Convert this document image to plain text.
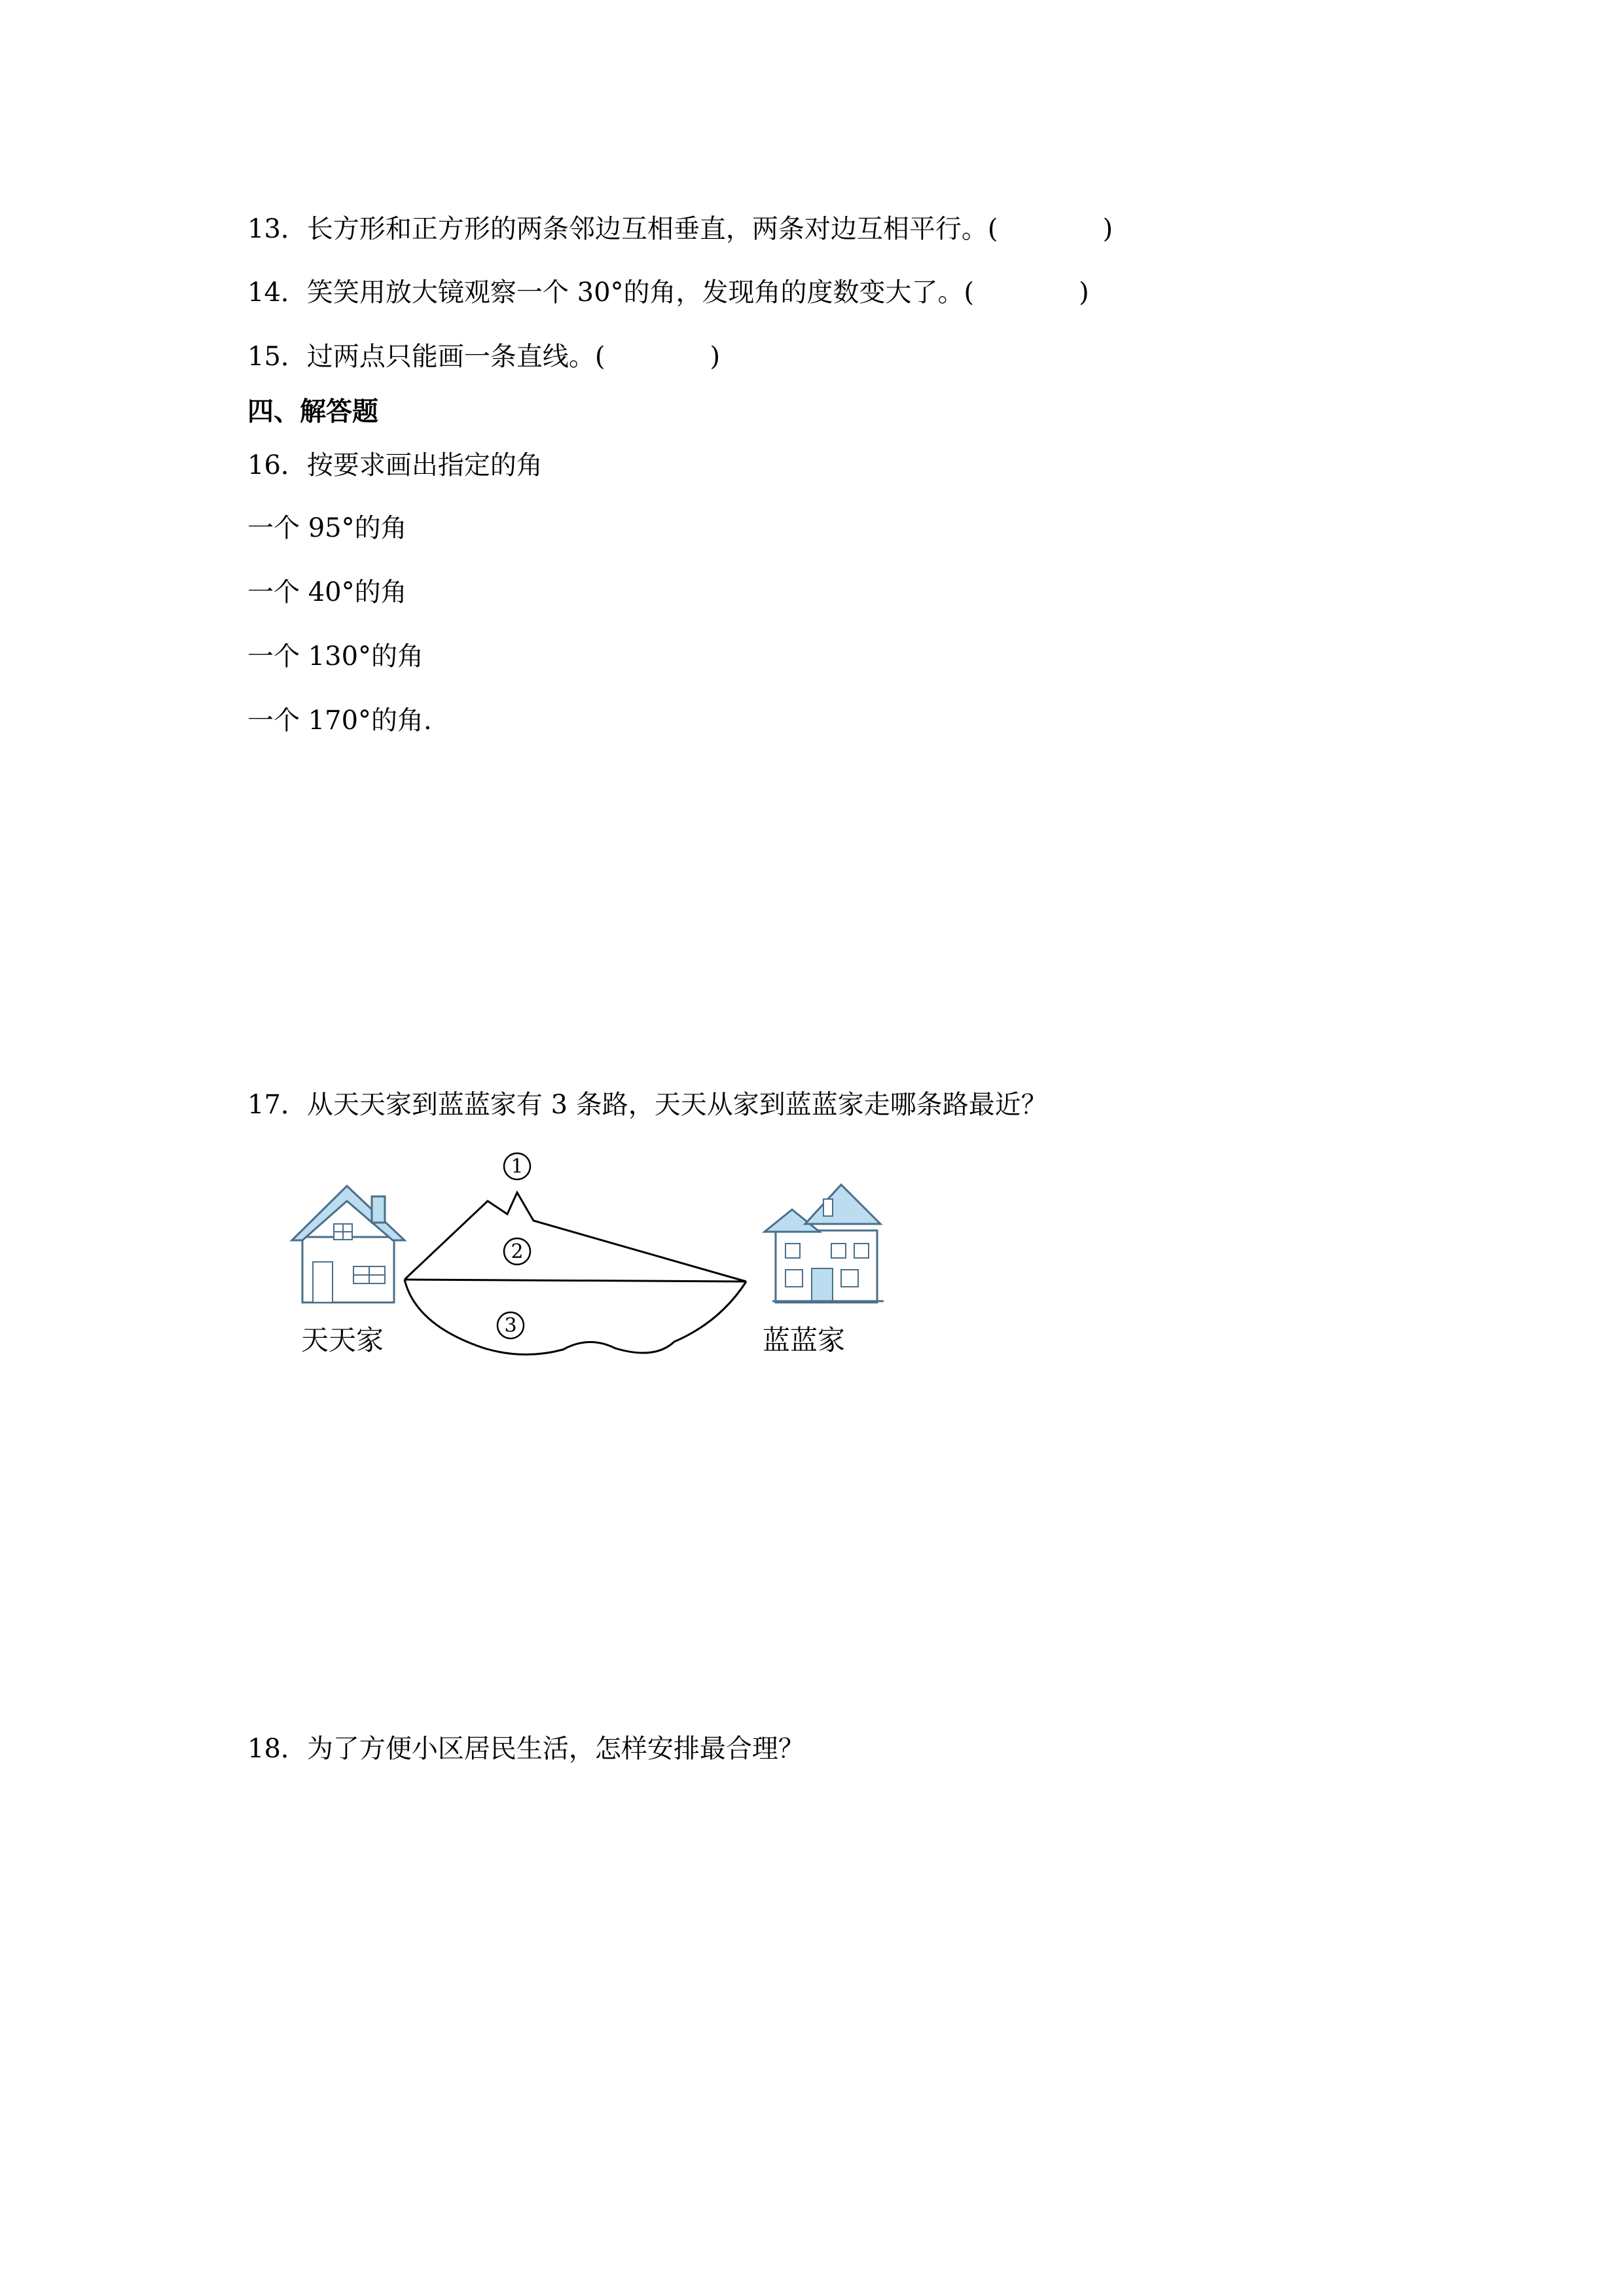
13．长方形和正方形的两条邻边互相垂直，两条对边互相平行。(	)
14．笑笑用放大镜观察一个 30°的角，发现角的度数变大了。(	)
15．过两点只能画一条直线。(	)
四、解答题
16．按要求画出指定的角
一个 95°的角
一个 40°的角
一个 130°的角
一个 170°的角.
17．从天天家到蓝蓝家有 3 条路，天天从家到蓝蓝家走哪条路最近？
1
2
3
天天家	蓝蓝家
18．为了方便小区居民生活，怎样安排最合理？
